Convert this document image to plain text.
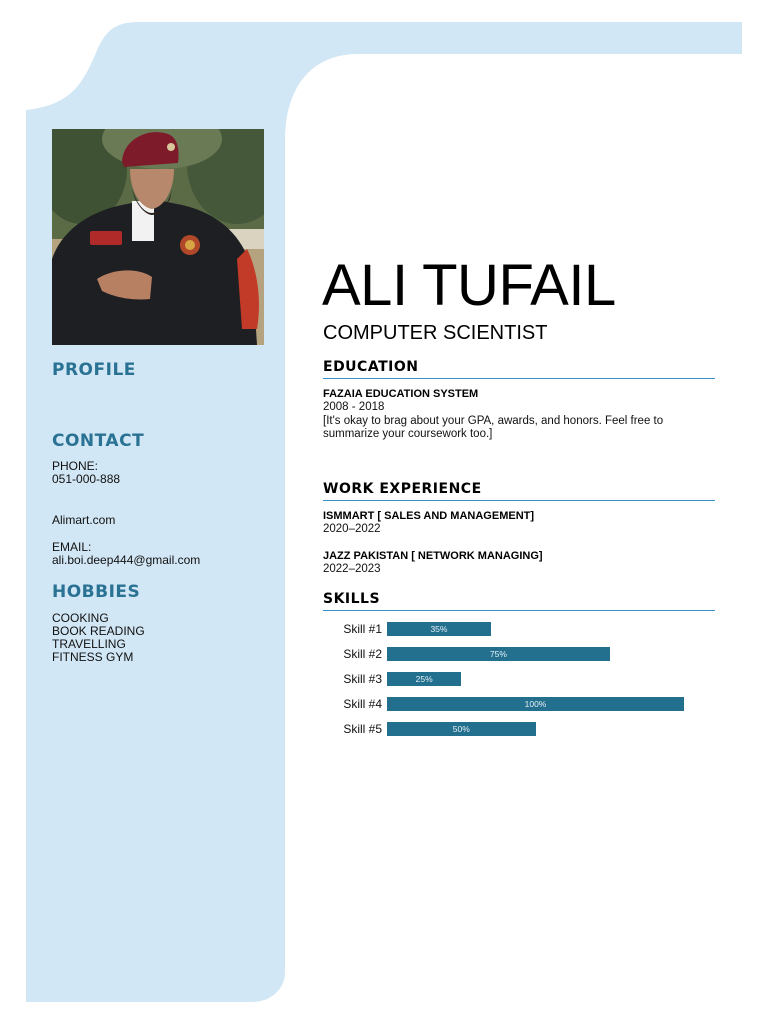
PROFILE
CONTACT
PHONE:
051-000-888
Alimart.com
EMAIL:
ali.boi.deep444@gmail.com
HOBBIES
COOKING
BOOK READING
TRAVELLING
FITNESS GYM
ALI TUFAIL
COMPUTER SCIENTIST
EDUCATION
FAZAIA EDUCATION SYSTEM
2008 - 2018
[It's okay to brag about your GPA, awards, and honors. Feel free to summarize your coursework too.]
WORK EXPERIENCE
ISMMART [ SALES AND MANAGEMENT]
2020–2022
JAZZ PAKISTAN [ NETWORK MANAGING]
2022–2023
SKILLS
Skill #1	35%
Skill #2	75%
Skill #3	25%
Skill #4	100%
Skill #5	50%
